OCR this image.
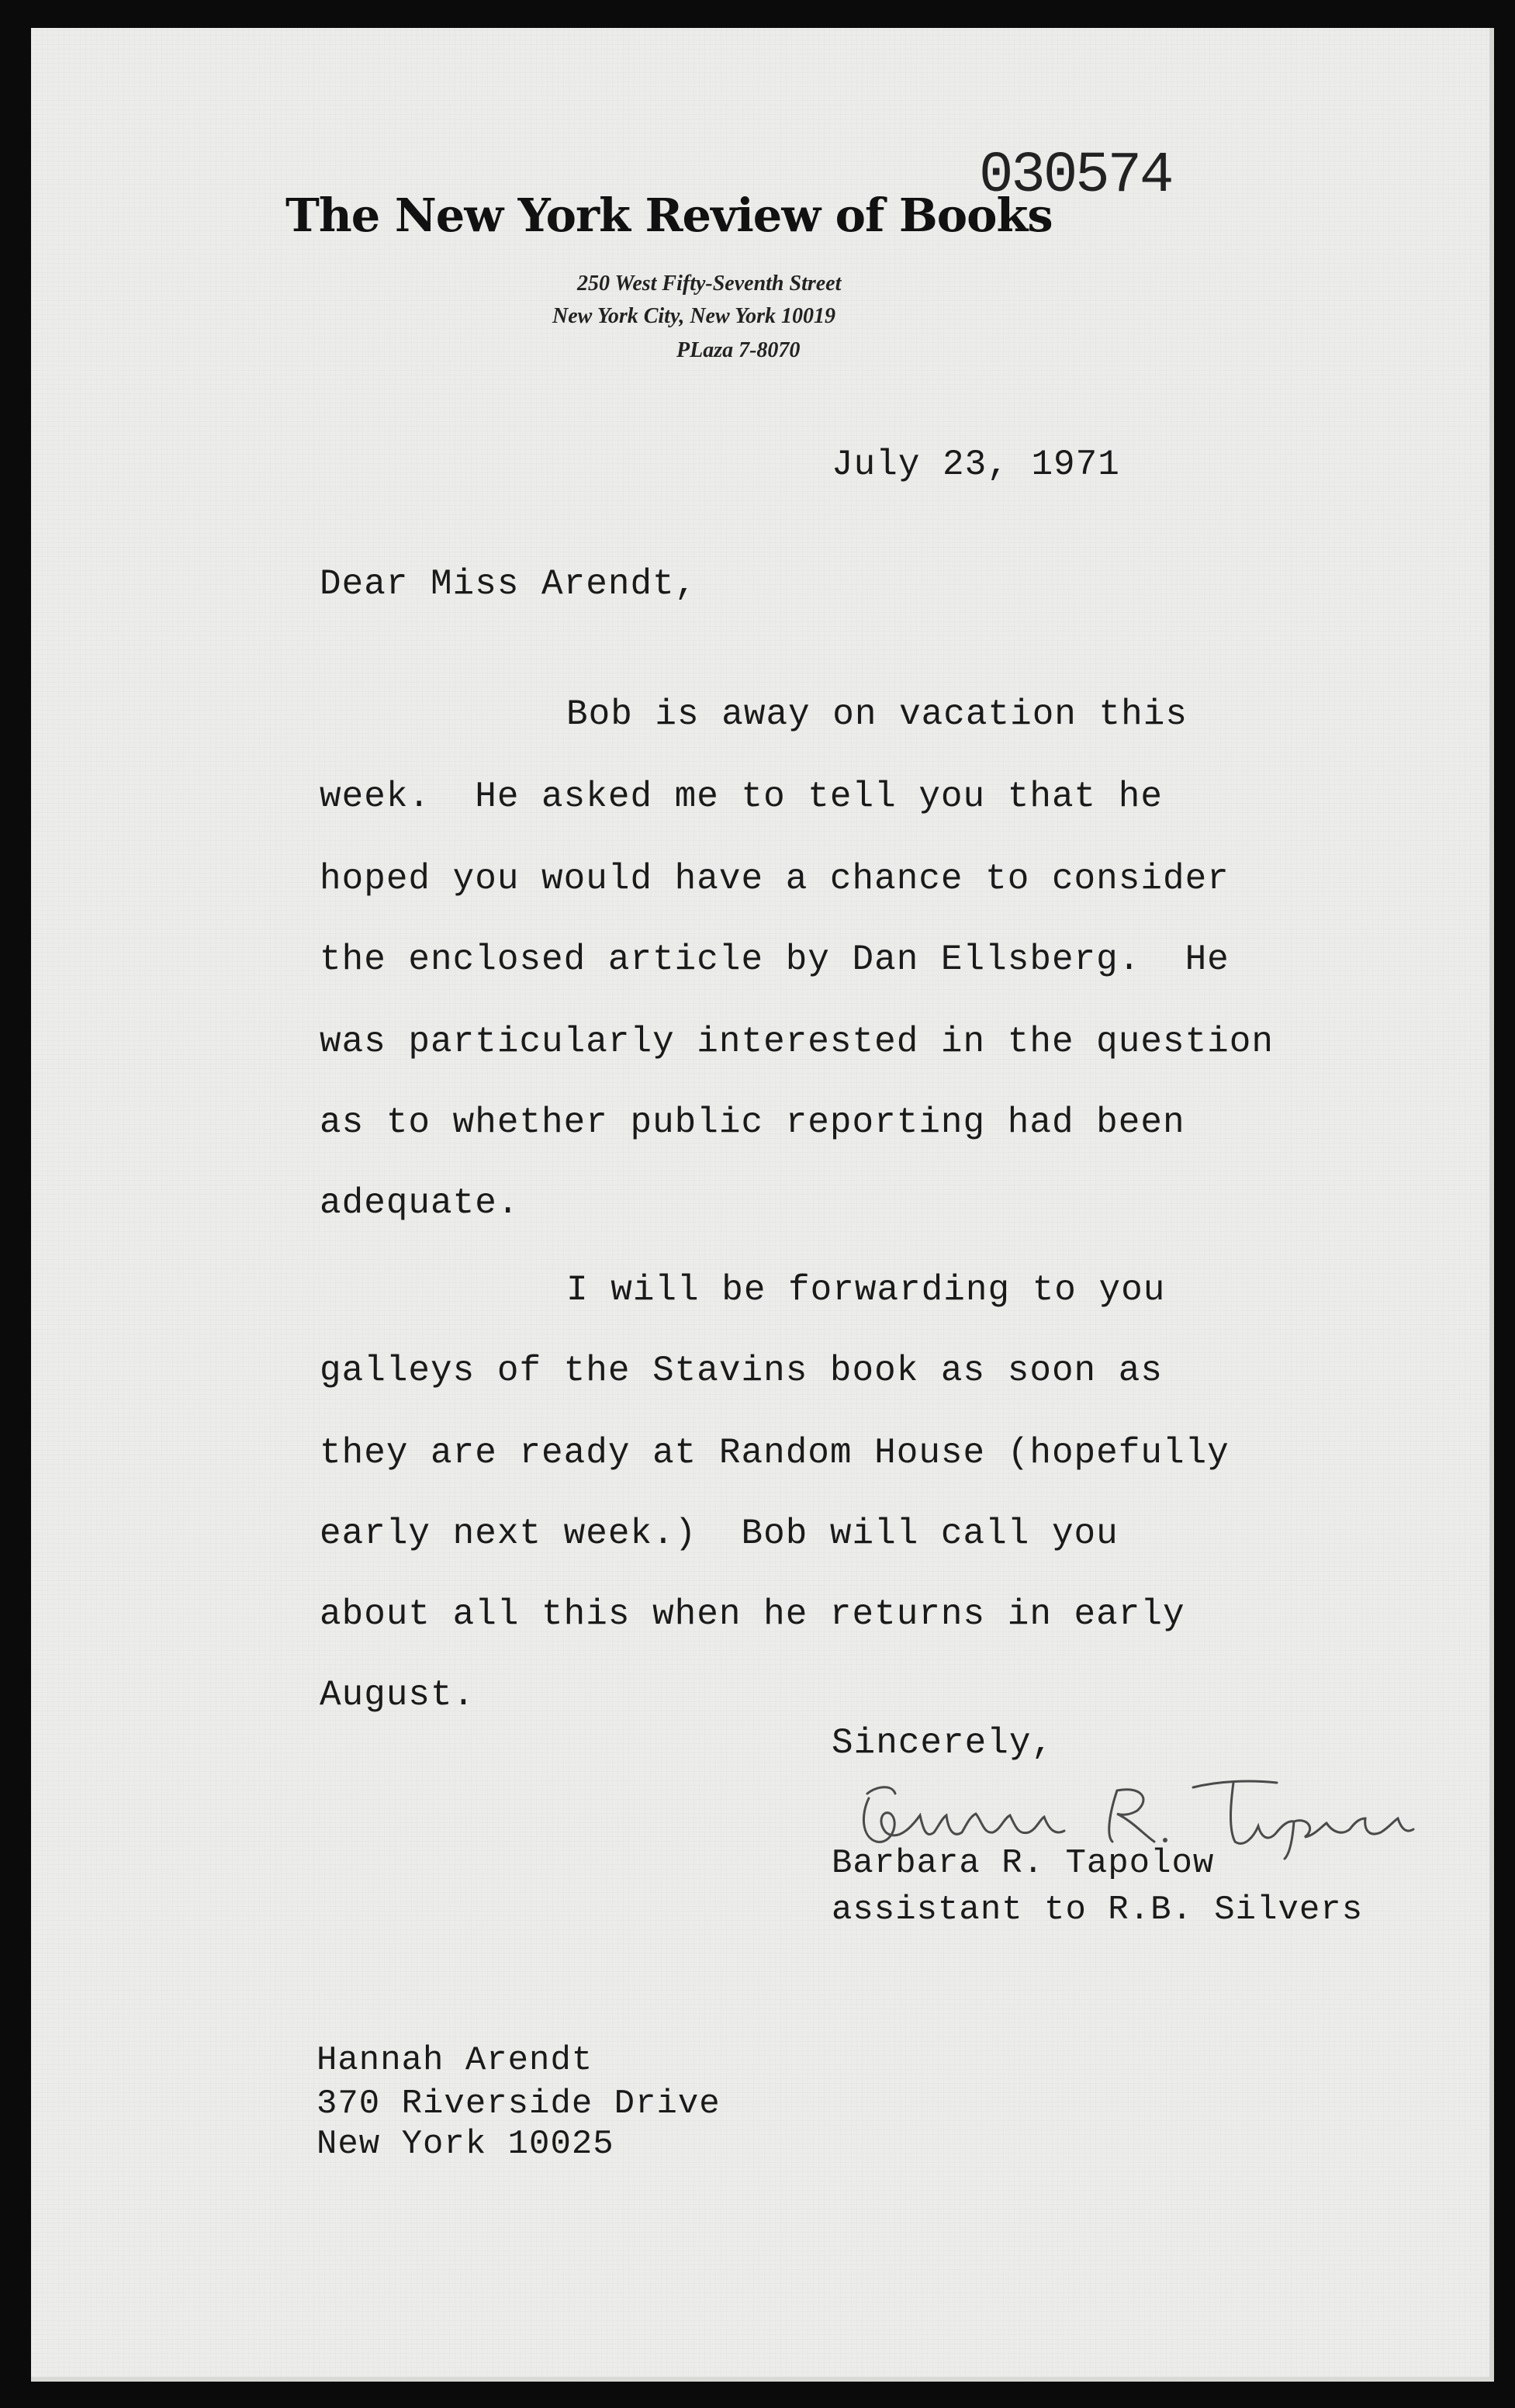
030574
The New York Review of Books
250 West Fifty-Seventh Street
New York City, New York 10019
PLaza 7-8070
July 23, 1971
Dear Miss Arendt,
Bob is away on vacation this
week.  He asked me to tell you that he
hoped you would have a chance to consider
the enclosed article by Dan Ellsberg.  He
was particularly interested in the question
as to whether public reporting had been
adequate.
I will be forwarding to you
galleys of the Stavins book as soon as
they are ready at Random House (hopefully
early next week.)  Bob will call you
about all this when he returns in early
August.
Sincerely,
Barbara R. Tapolow
assistant to R.B. Silvers
Hannah Arendt
370 Riverside Drive
New York 10025
